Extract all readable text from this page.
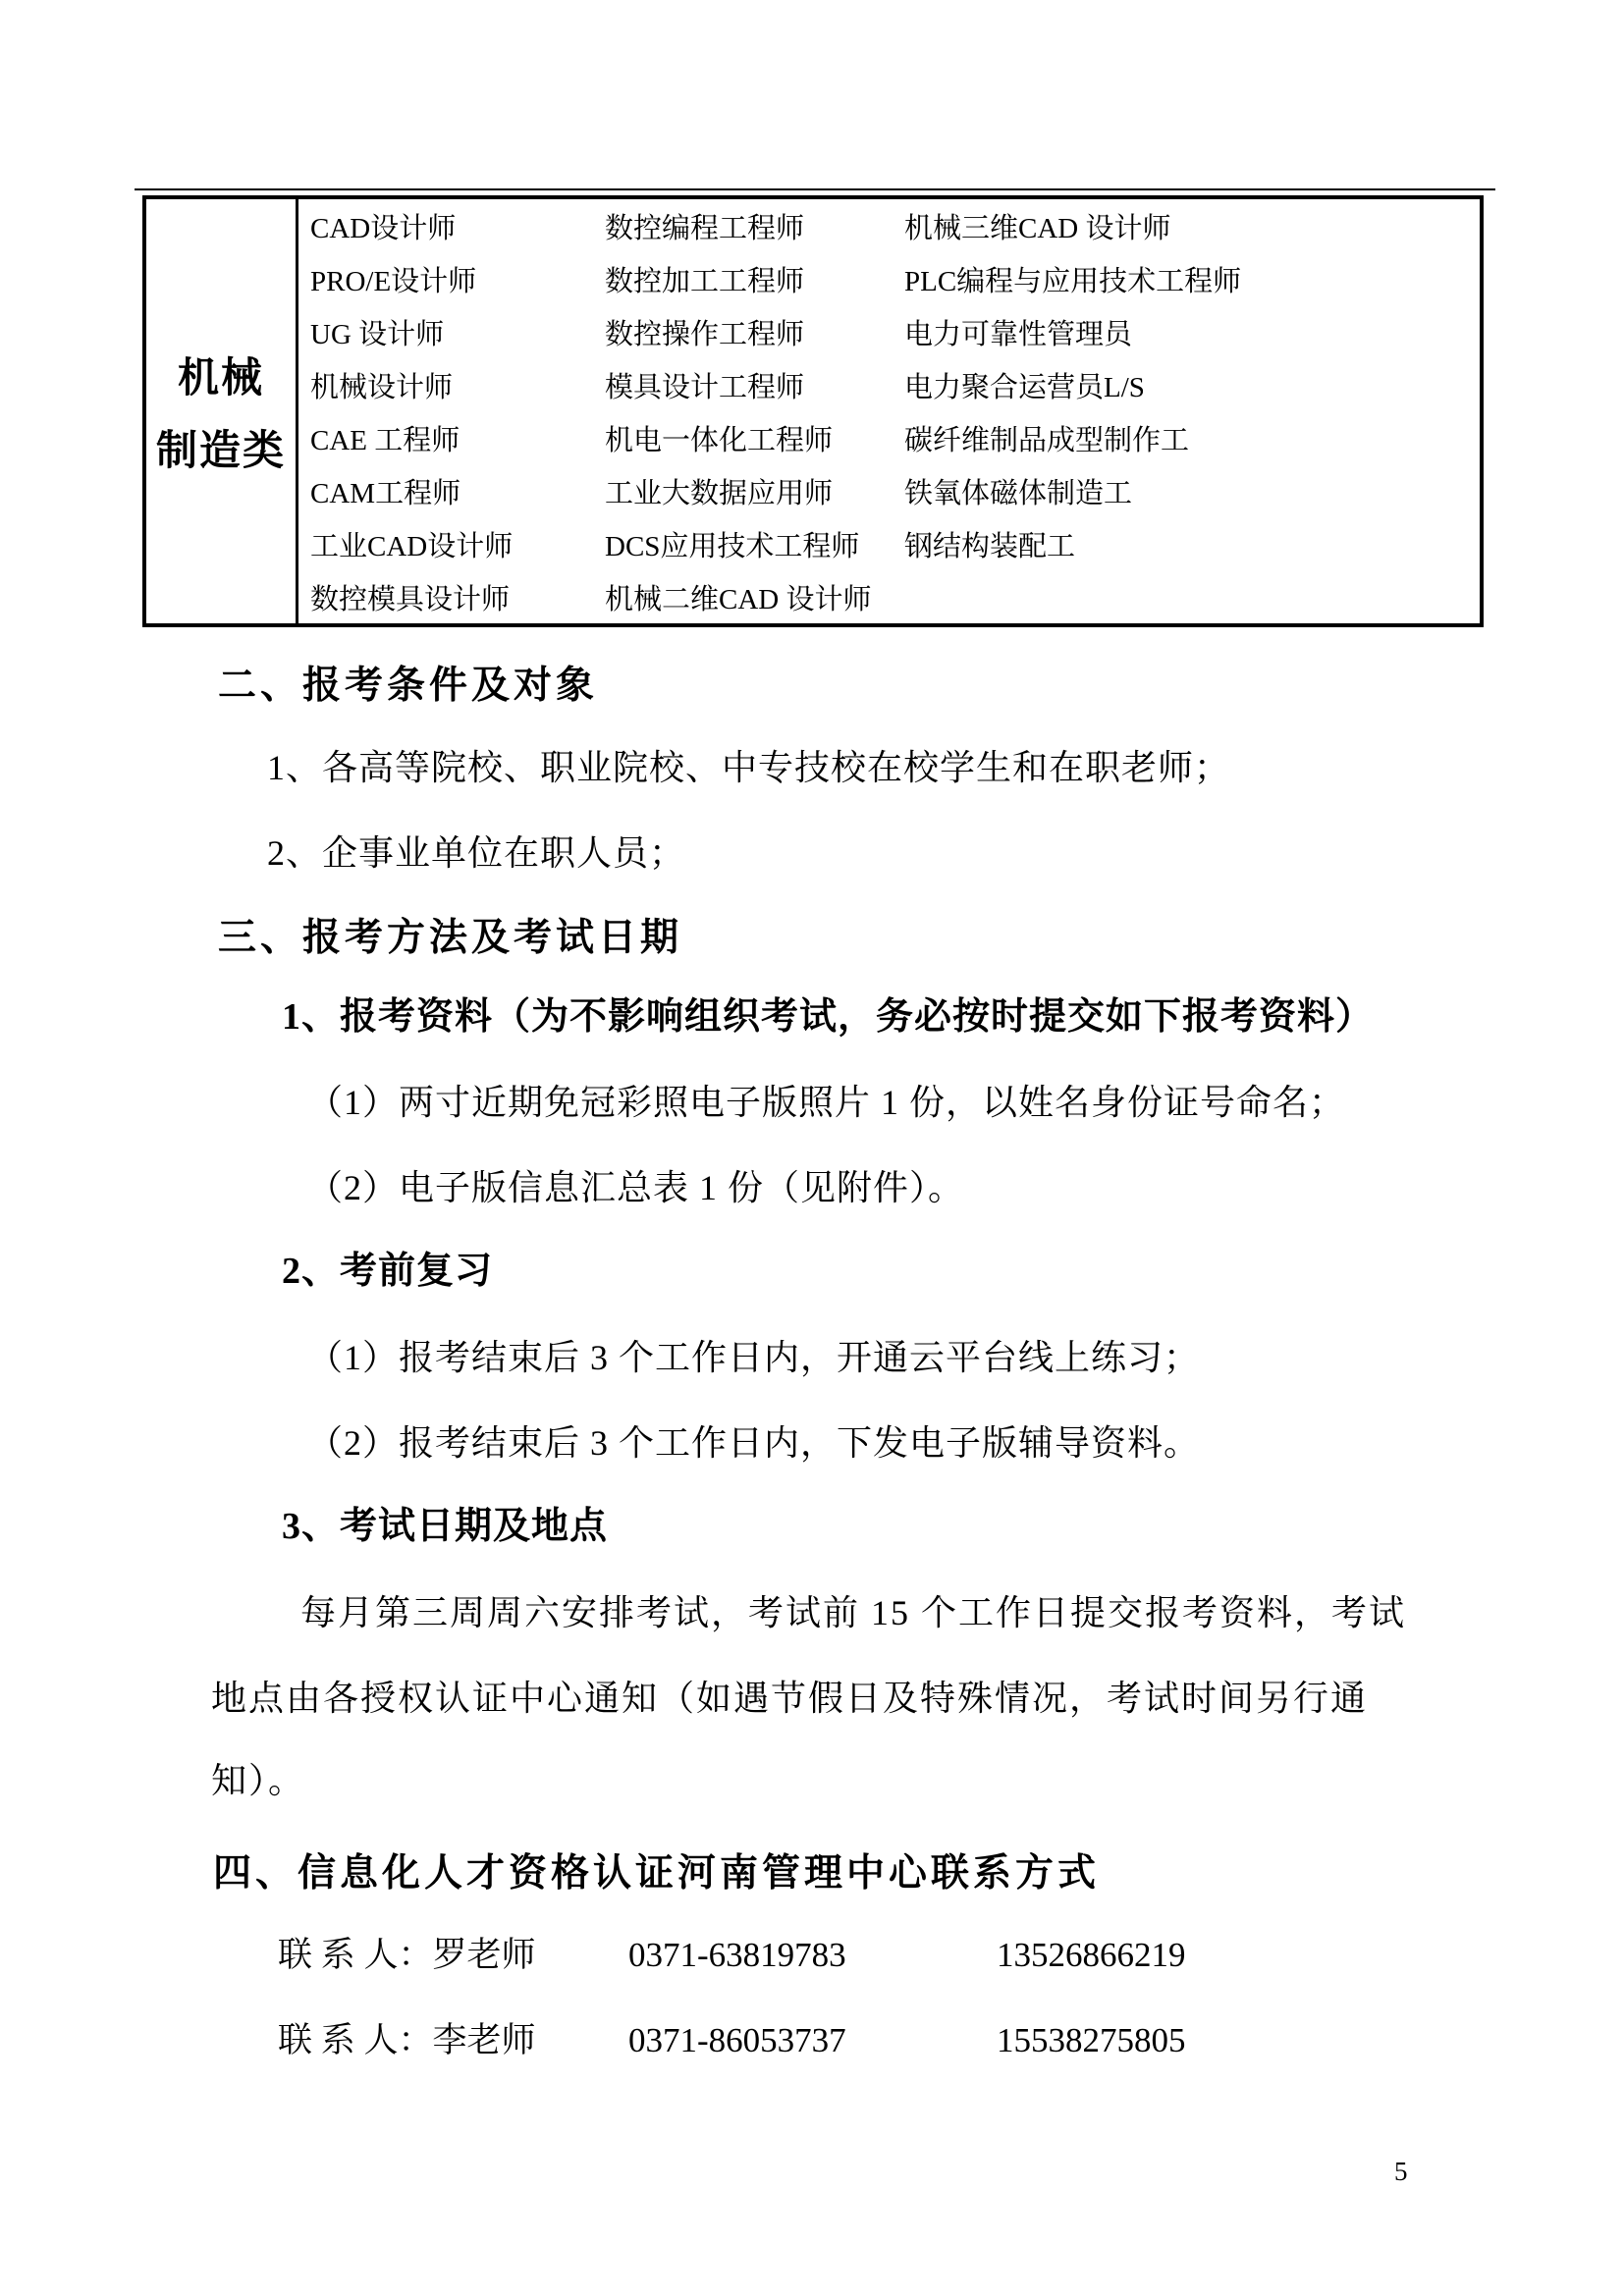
机械
制造类
CAD设计师	数控编程工程师	机械三维CAD 设计师
PRO/E设计师	数控加工工程师	PLC编程与应用技术工程师
UG 设计师	数控操作工程师	电力可靠性管理员
机械设计师	模具设计工程师	电力聚合运营员L/S
CAE 工程师	机电一体化工程师	碳纤维制品成型制作工
CAM工程师	工业大数据应用师	铁氧体磁体制造工
工业CAD设计师	DCS应用技术工程师	钢结构装配工
数控模具设计师	机械二维CAD 设计师
二、报考条件及对象
1、各高等院校、职业院校、中专技校在校学生和在职老师；
2、企事业单位在职人员；
三、报考方法及考试日期
1、报考资料（为不影响组织考试，务必按时提交如下报考资料）
（1）两寸近期免冠彩照电子版照片 1 份，以姓名身份证号命名；
（2）电子版信息汇总表 1 份（见附件）。
2、考前复习
（1）报考结束后 3 个工作日内，开通云平台线上练习；
（2）报考结束后 3 个工作日内，下发电子版辅导资料。
3、考试日期及地点
每月第三周周六安排考试，考试前 15 个工作日提交报考资料，考试
地点由各授权认证中心通知（如遇节假日及特殊情况，考试时间另行通
知）。
四、信息化人才资格认证河南管理中心联系方式
联 系 人：罗老师	0371-63819783	13526866219
联 系 人：李老师	0371-86053737	15538275805
5
